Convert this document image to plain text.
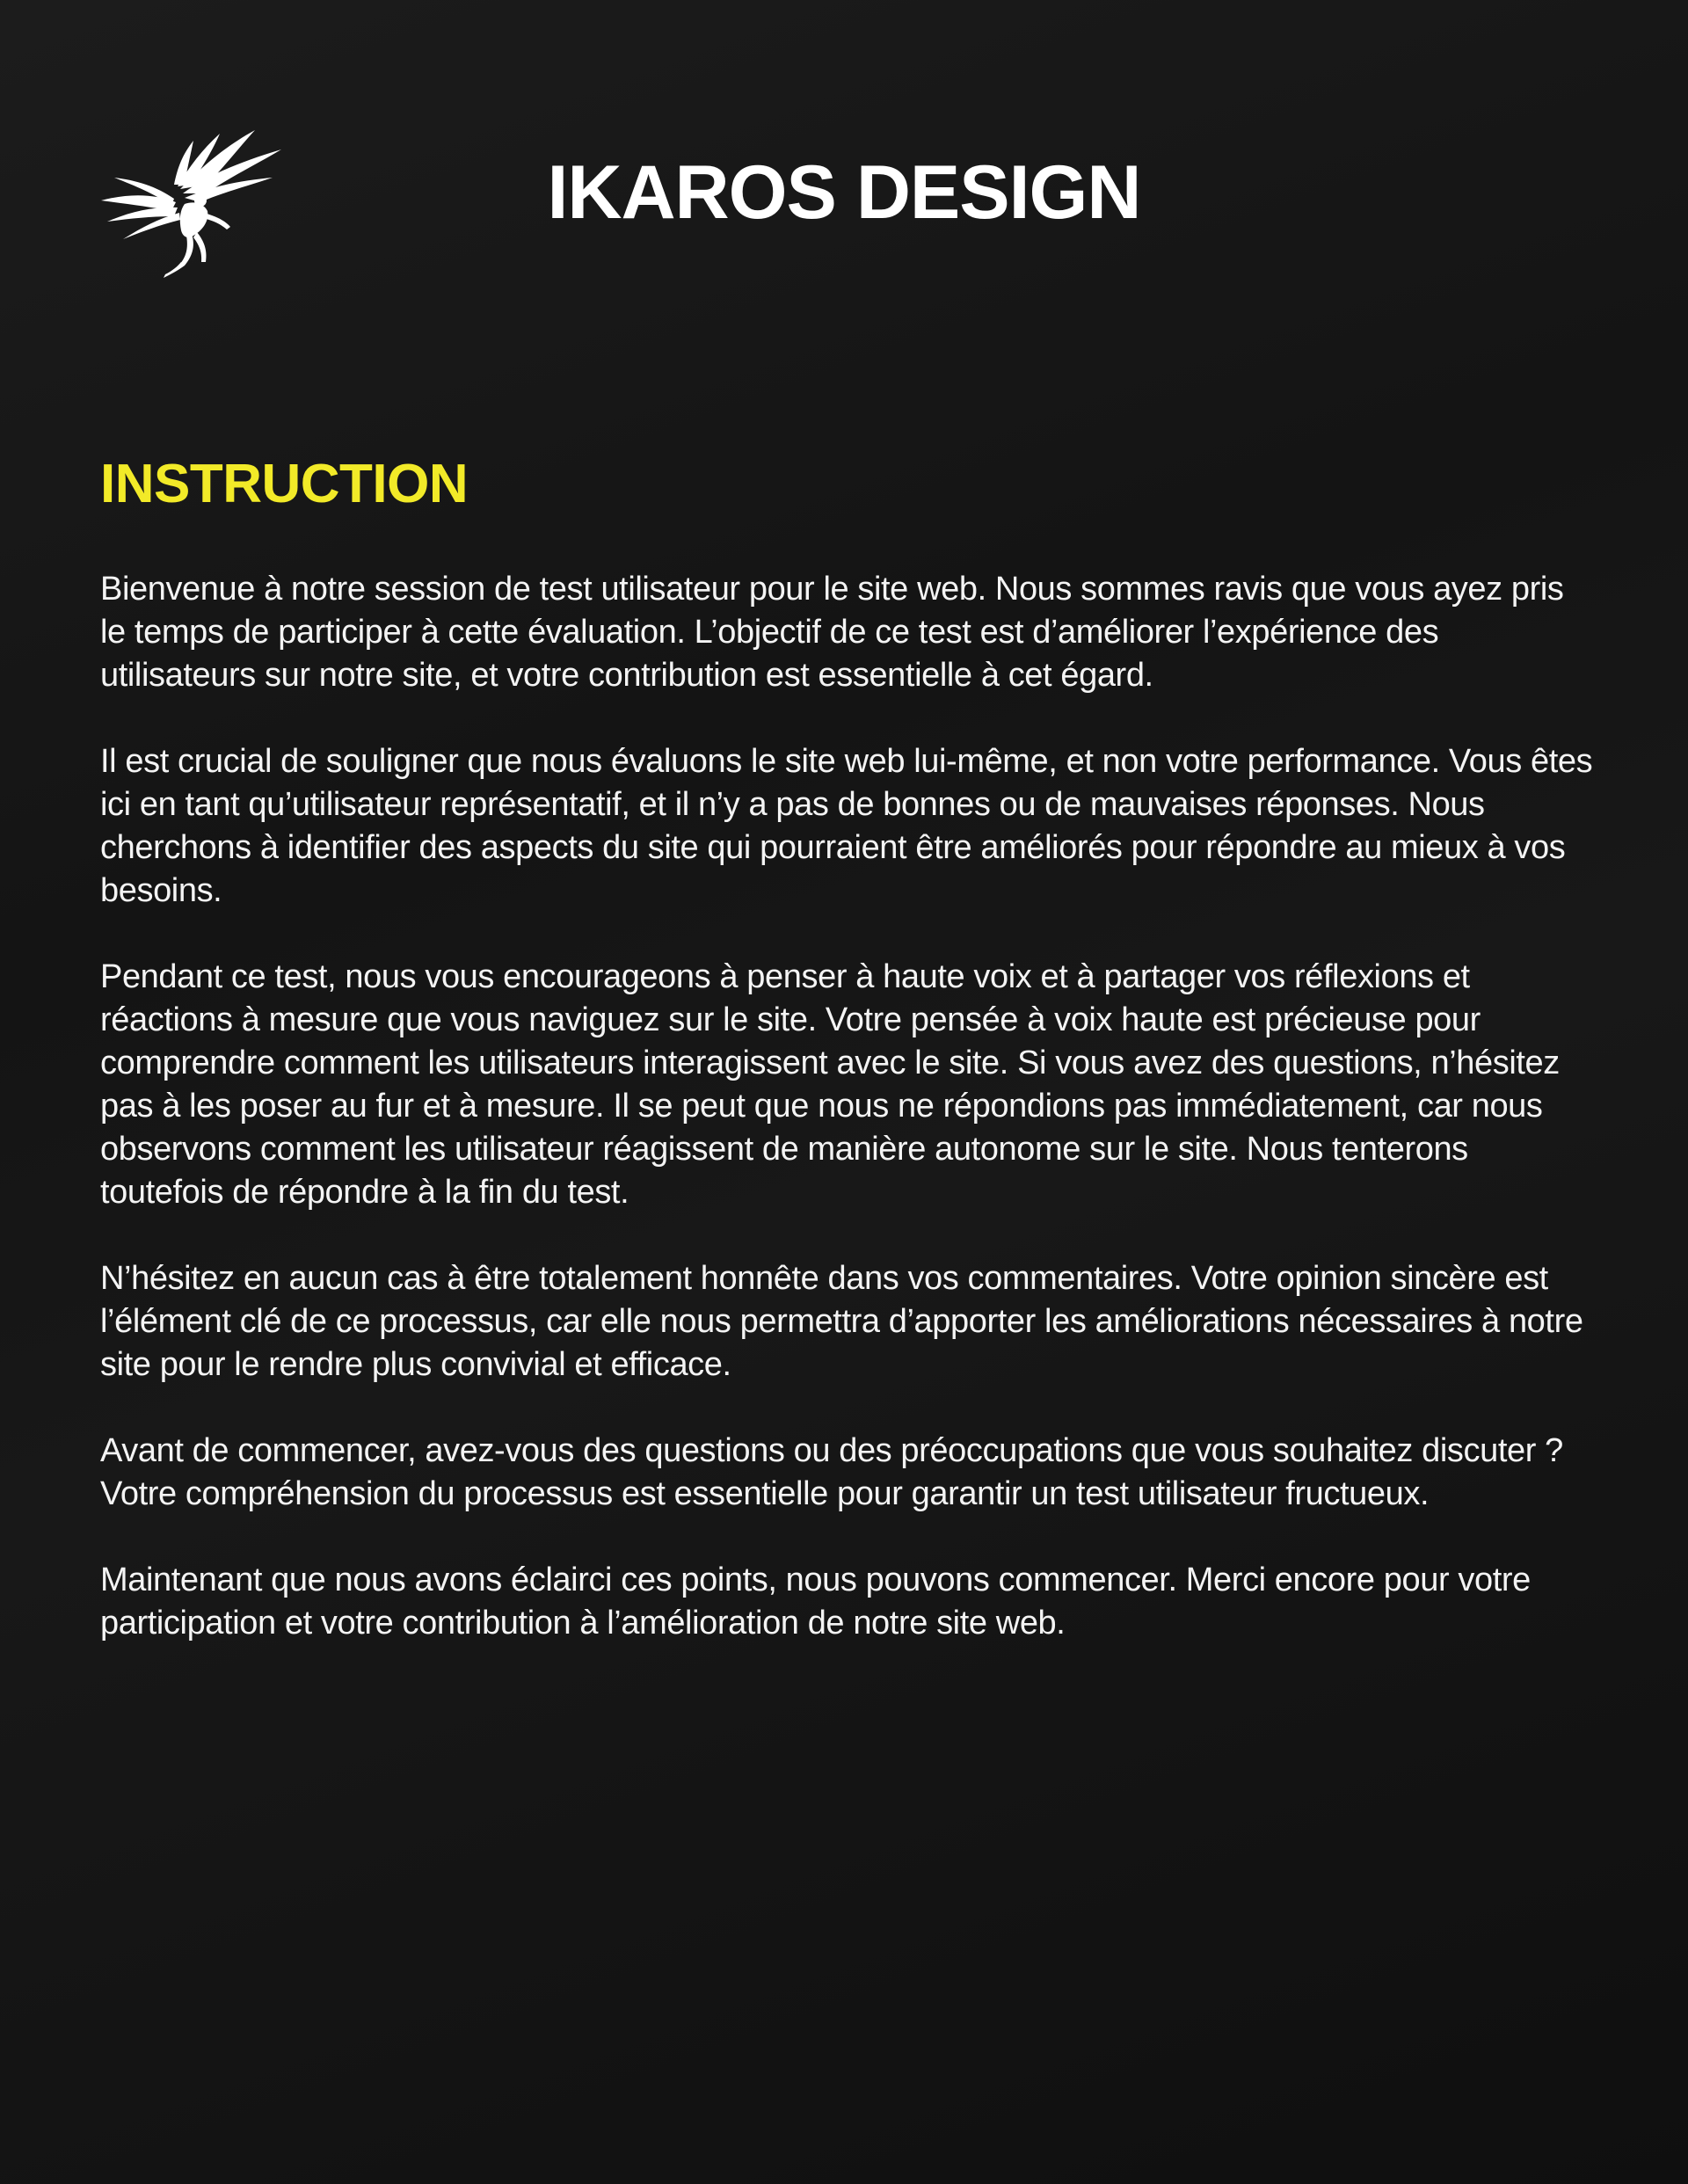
IKAROS DESIGN
INSTRUCTION

Bienvenue à notre session de test utilisateur pour le site web. Nous sommes ravis que vous ayez pris le temps de participer à cette évaluation. L’objectif de ce test est d’améliorer l’expérience des utilisateurs sur notre site, et votre contribution est essentielle à cet égard.

Il est crucial de souligner que nous évaluons le site web lui-même, et non votre performance. Vous êtes ici en tant qu’utilisateur représentatif, et il n’y a pas de bonnes ou de mauvaises réponses. Nous cherchons à identifier des aspects du site qui pourraient être améliorés pour répondre au mieux à vos besoins.

Pendant ce test, nous vous encourageons à penser à haute voix et à partager vos réflexions et réactions à mesure que vous naviguez sur le site. Votre pensée à voix haute est précieuse pour comprendre comment les utilisateurs interagissent avec le site. Si vous avez des questions, n’hésitez pas à les poser au fur et à mesure. Il se peut que nous ne répondions pas immédiatement, car nous observons comment les utilisateur réagissent de manière autonome sur le site. Nous tenterons toutefois de répondre à la fin du test.

N’hésitez en aucun cas à être totalement honnête dans vos commentaires. Votre opinion sincère est l’élément clé de ce processus, car elle nous permettra d’apporter les améliorations nécessaires à notre site pour le rendre plus convivial et efficace.

Avant de commencer, avez-vous des questions ou des préoccupations que vous souhaitez discuter ? Votre compréhension du processus est essentielle pour garantir un test utilisateur fructueux.

Maintenant que nous avons éclairci ces points, nous pouvons commencer. Merci encore pour votre participation et votre contribution à l’amélioration de notre site web.
